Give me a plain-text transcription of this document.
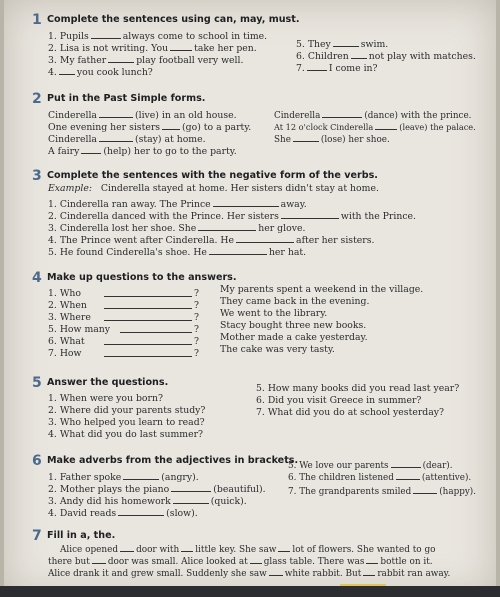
1 Complete the sentences using can, may, must.
1. Pupils	always come to school in time.
2. Lisa is not writing. You	take her pen.
3. My father	play football very well.
4. you cook lunch?
5. They	swim.
6. Children not play with matches.
7.	I come in?
2 Put in the Past Simple forms.
Cinderella	(live) in an old house.
One evening her sisters (go) to a party.
Cinderella	(stay) at home.
A fairy	(help) her to go to the party.
Cinderella	(dance) with the prince.
At 12 o'clock Cinderella	(leave) the palace.
She	(lose) her shoe.
3 Complete the sentences with the negative form of the verbs.
Example: Cinderella stayed at home. Her sisters didn't stay at home.
1. Cinderella ran away. The Prince	away.
2. Cinderella danced with the Prince. Her sisters	with the Prince.
3. Cinderella lost her shoe. She	her glove.
4. The Prince went after Cinderella. He	after her sisters.
5. He found Cinderella's shoe. He	her hat.
4 Make up questions to the answers.
1. Who	?
2. When	?
3. Where	?
5. How many	?
6. What	?
7. How	?
My parents spent a weekend in the village.
They came back in the evening.
We went to the library.
Stacy bought three new books.
Mother made a cake yesterday.
The cake was very tasty.
5 Answer the questions.
1. When were you born?
2. Where did your parents study?
3. Who helped you learn to read?
4. What did you do last summer?
5. How many books did you read last year?
6. Did you visit Greece in summer?
7. What did you do at school yesterday?
6 Make adverbs from the adjectives in brackets.
1. Father spoke	(angry).
2. Mother plays the piano	(beautiful).
3. Andy did his homework	(quick).
4. David reads	(slow).
5. We love our parents	(dear).
6. The children listened	(attentive).
7. The grandparents smiled	(happy).
7 Fill in a, the.
Alice opened door with little key. She saw lot of flowers. She wanted to go
there but door was small. Alice looked at glass table. There was bottle on it.
Alice drank it and grew small. Suddenly she saw white rabbit. But rabbit ran away.
